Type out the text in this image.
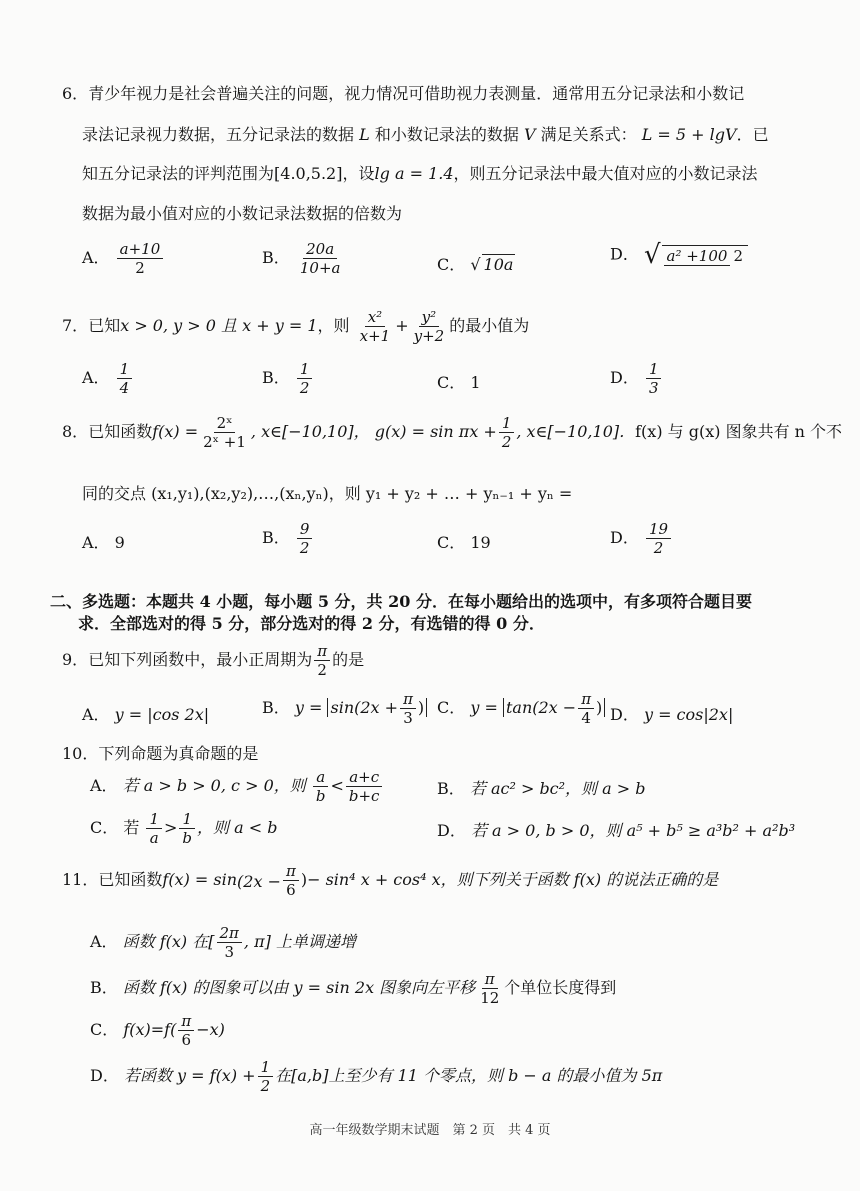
6．青少年视力是社会普遍关注的问题，视力情况可借助视力表测量．通常用五分记录法和小数记
录法记录视力数据，五分记录法的数据 L 和小数记录法的数据 V 满足关系式： L = 5 + lgV．已
知五分记录法的评判范围为[4.0,5.2]，设lg a = 1.4，则五分记录法中最大值对应的小数记录法
数据为最小值对应的小数记录法数据的倍数为
A． $\frac{a+10}{2}$	B． $\frac{20a}{10+a}$	C． √ 10a
D． √ a² +100 2
7．已知x > 0, y > 0 且 x + y = 1，则 $\frac{\text{x²}}{x+1} + \frac{\text{y²}}{y+2}$ 的最小值为
A． $\frac{1}{4}$	B． $\frac{1}{2}$	C． 1	D． $\frac{1}{3}$
8．已知函数$f(x) = \frac{\text{2ˣ}}{\text{2ˣ +1}}$ , x∈[−10,10]， $g(x) = \sin \pi x + \frac{1}{2}$ , x∈[−10,10]．f(x) 与 g(x) 图象共有 n 个不
同的交点 (x₁,y₁),(x₂,y₂),…,(xₙ,yₙ)，则 y₁ + y₂ + … + yₙ₋₁ + yₙ =
A． 9	B． $\frac{9}{2}$	C． 19	D． $\frac{19}{2}$
二、多选题：本题共 4 小题，每小题 5 分，共 20 分．在每小题给出的选项中，有多项符合题目要
求．全部选对的得 5 分，部分选对的得 2 分，有选错的得 0 分．
9．已知下列函数中，最小正周期为 $\frac{\pi}{2}$ 的是
A． y = |cos 2x|	B． $y = \sin(2x + \frac{\pi}{3}$ ) C． $y = \tan(2x - \frac{\pi}{4}$ ) D． y = cos|2x|
10．下列命题为真命题的是
A． 若 a > b > 0, c > 0，则 $\frac{a}{b} < \frac{a+c}{b+c}$	B． 若 ac² > bc²，则 a > b
C． 若 $\frac{1}{a} > \frac{1}{b}$ ，则 a < b	D． 若 a > 0, b > 0，则 a⁵ + b⁵ ≥ a³b² + a²b³
11．已知函数$f(x) = \sin(2x - \frac{\pi}{6}$ )− sin⁴ x + cos⁴ x，则下列关于函数 f(x) 的说法正确的是
A． 函数 f(x) 在[ $\frac{2\pi}{3}$ , π] 上单调递增
B． 函数 f(x) 的图象可以由 y = sin 2x 图象向左平移 $\frac{\pi}{12}$ 个单位长度得到
C． $f(x)=f( \frac{\pi}{6} -x)$
D． 若函数 $y = f(x) + \frac{1}{2}$ 在[a,b]上至少有 11 个零点，则 b − a 的最小值为 5π
高一年级数学期末试题　第 2 页　共 4 页
